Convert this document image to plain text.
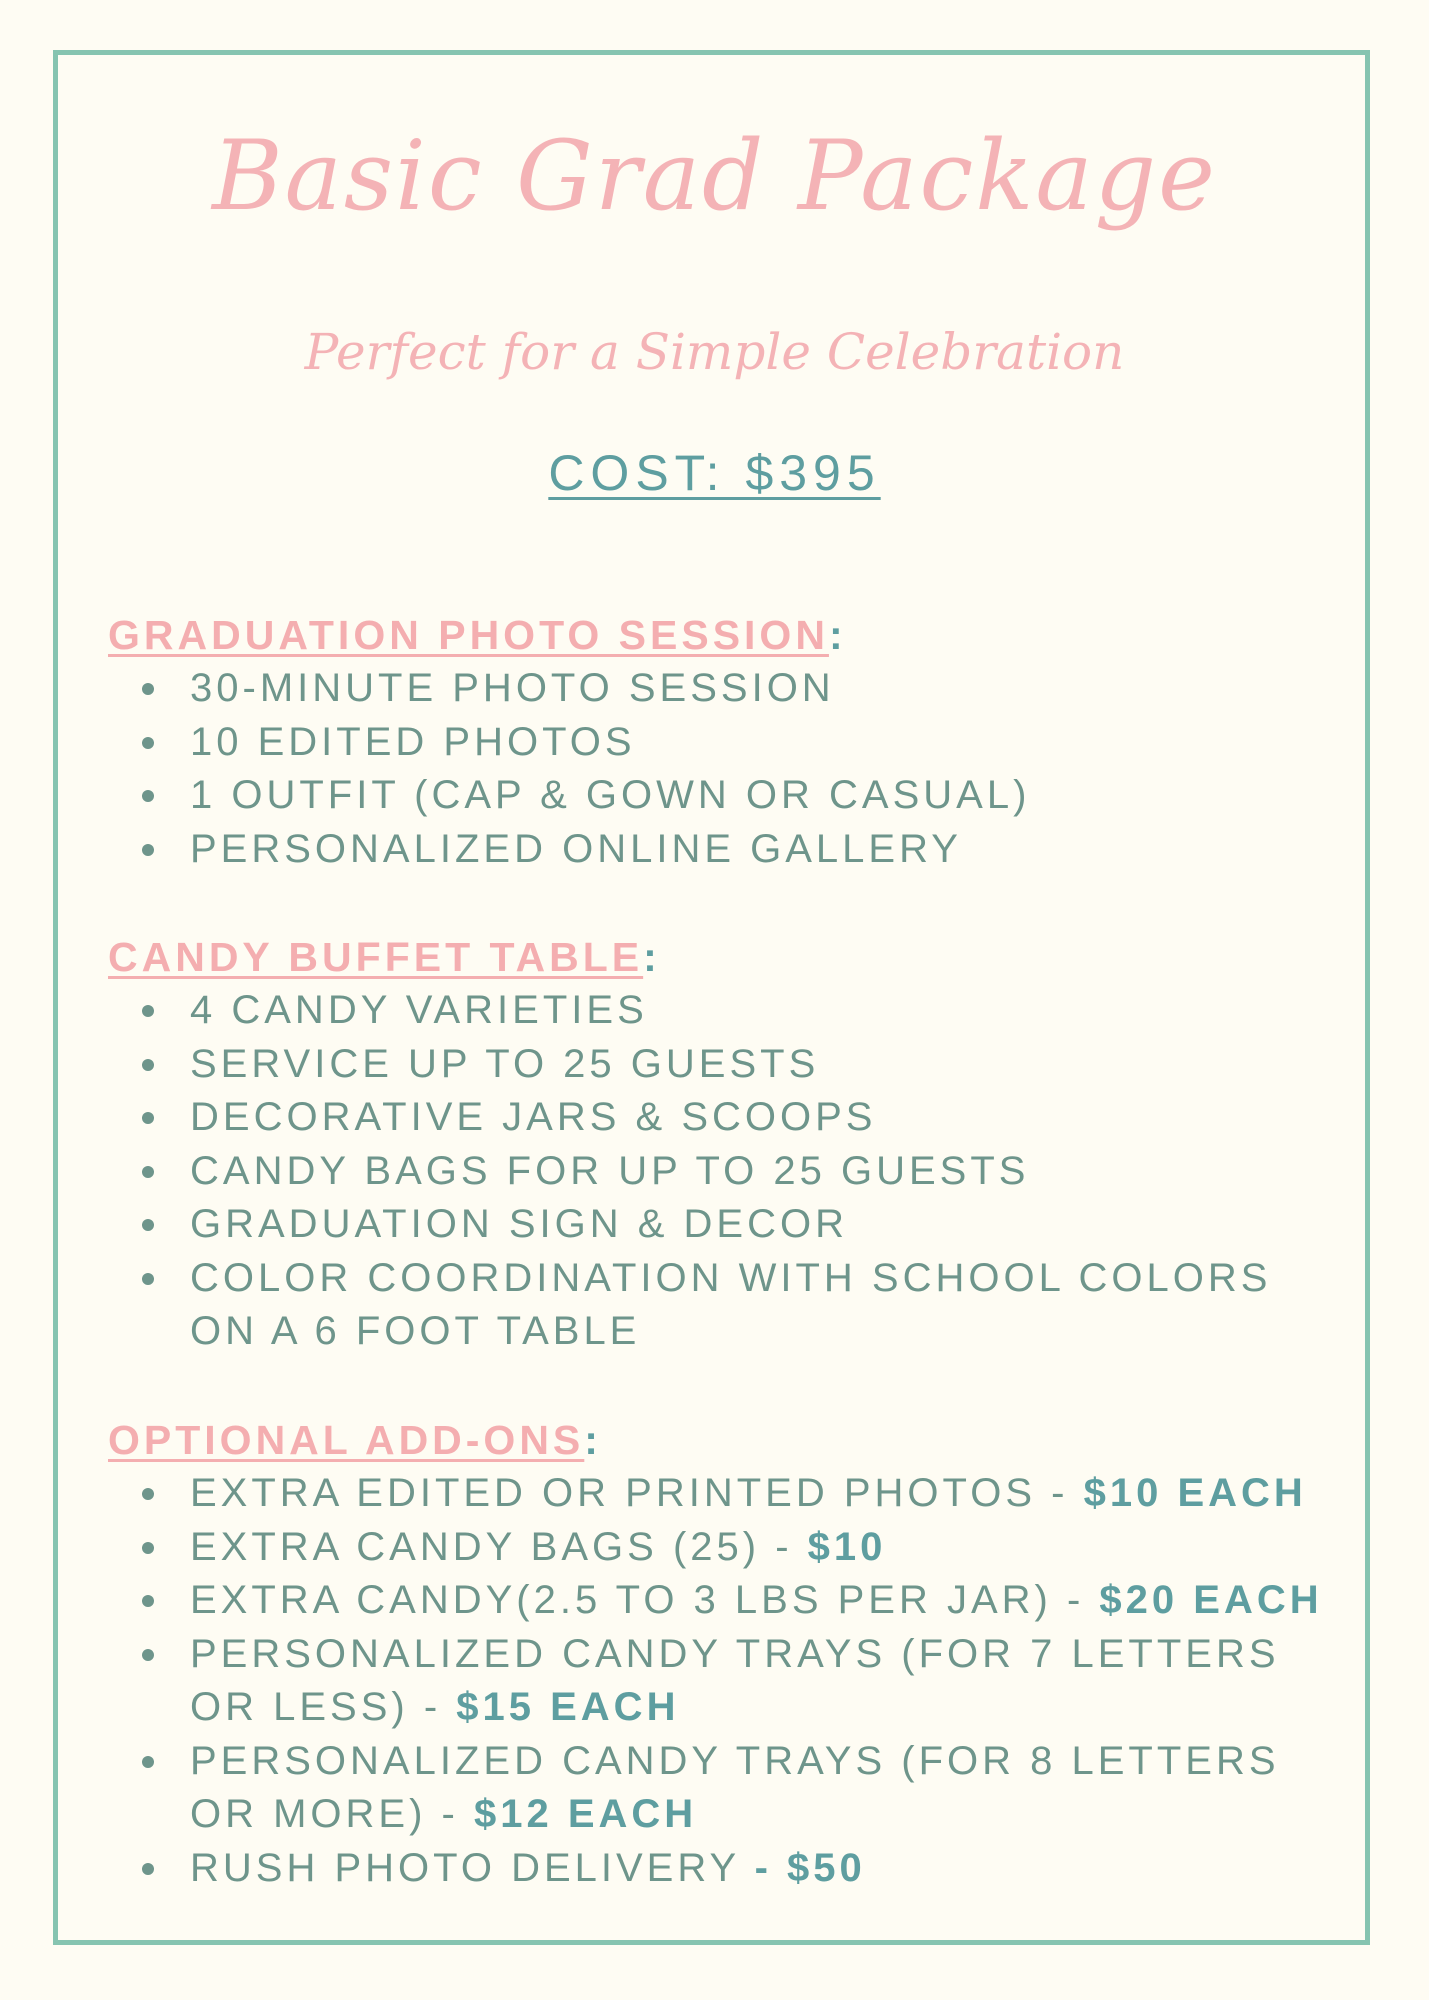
Basic Grad Package
Perfect for a Simple Celebration
COST: $395
GRADUATION PHOTO SESSION:
30-MINUTE PHOTO SESSION
10 EDITED PHOTOS
1 OUTFIT (CAP & GOWN OR CASUAL)
PERSONALIZED ONLINE GALLERY
CANDY BUFFET TABLE:
4 CANDY VARIETIES
SERVICE UP TO 25 GUESTS
DECORATIVE JARS & SCOOPS
CANDY BAGS FOR UP TO 25 GUESTS
GRADUATION SIGN & DECOR
COLOR COORDINATION WITH SCHOOL COLORS ON A 6 FOOT TABLE
OPTIONAL ADD-ONS:
EXTRA EDITED OR PRINTED PHOTOS - $10 EACH
EXTRA CANDY BAGS (25) - $10
EXTRA CANDY(2.5 TO 3 LBS PER JAR) - $20 EACH
PERSONALIZED CANDY TRAYS (FOR 7 LETTERS OR LESS) - $15 EACH
PERSONALIZED CANDY TRAYS (FOR 8 LETTERS OR MORE) - $12 EACH
RUSH PHOTO DELIVERY - $50
